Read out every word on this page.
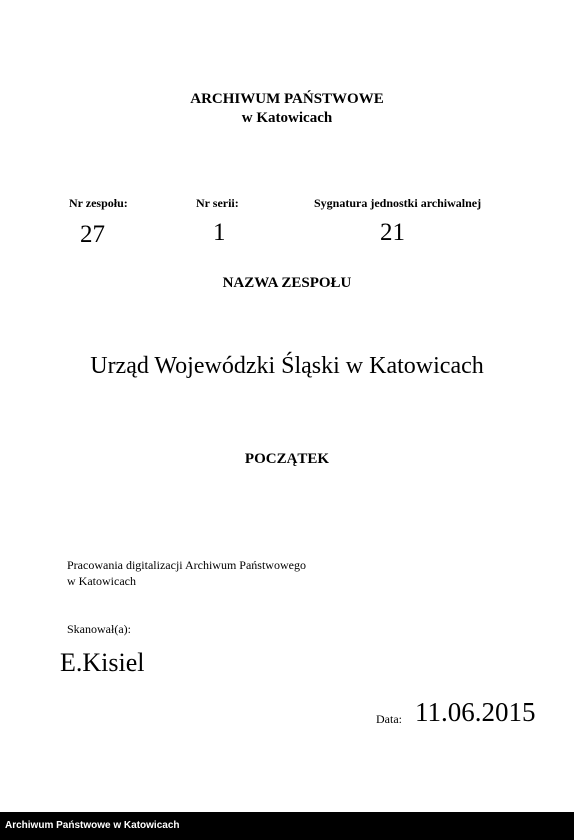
ARCHIWUM PAŃSTWOWE
w Katowicach
Nr zespołu:	Nr serii:	Sygnatura jednostki archiwalnej
27	1	21
NAZWA ZESPOŁU
Urząd Wojewódzki Śląski w Katowicach
POCZĄTEK
Pracowania digitalizacji Archiwum Państwowego
w Katowicach
Skanował(a):
E.Kisiel
Data: 11.06.2015
Archiwum Państwowe w Katowicach
